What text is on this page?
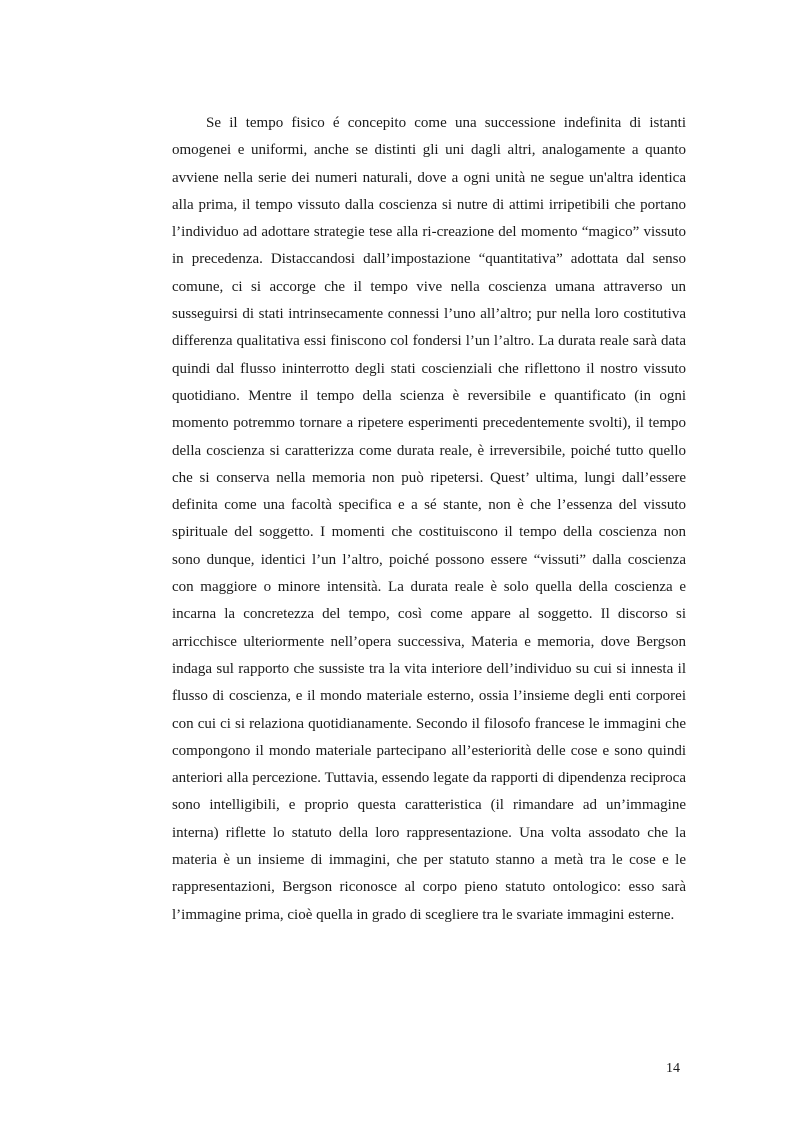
Se il tempo fisico é concepito come una successione indefinita di istanti omogenei e uniformi, anche se distinti gli uni dagli altri, analogamente a quanto avviene nella serie dei numeri naturali, dove a ogni unità ne segue un'altra identica alla prima, il tempo vissuto dalla coscienza si nutre di attimi irripetibili che portano l’individuo ad adottare strategie tese alla ri-creazione del momento “magico” vissuto in precedenza. Distaccandosi dall’impostazione “quantitativa” adottata dal senso comune, ci si accorge che il tempo vive nella coscienza umana attraverso un susseguirsi di stati intrinsecamente connessi l’uno all’altro; pur nella loro costitutiva differenza qualitativa essi finiscono col fondersi l’un l’altro. La durata reale sarà data quindi dal flusso ininterrotto degli stati coscienziali che riflettono il nostro vissuto quotidiano. Mentre il tempo della scienza è reversibile e quantificato (in ogni momento potremmo tornare a ripetere esperimenti precedentemente svolti), il tempo della coscienza si caratterizza come durata reale, è irreversibile, poiché tutto quello che si conserva nella memoria non può ripetersi. Quest’ ultima, lungi dall’essere definita come una facoltà specifica e a sé stante, non è che l’essenza del vissuto spirituale del soggetto. I momenti che costituiscono il tempo della coscienza non sono dunque, identici l’un l’altro, poiché possono essere “vissuti” dalla coscienza con maggiore o minore intensità. La durata reale è solo quella della coscienza e incarna la concretezza del tempo, così come appare al soggetto. Il discorso si arricchisce ulteriormente nell’opera successiva, Materia e memoria, dove Bergson indaga sul rapporto che sussiste tra la vita interiore dell’individuo su cui si innesta il flusso di coscienza, e il mondo materiale esterno, ossia l’insieme degli enti corporei con cui ci si relaziona quotidianamente. Secondo il filosofo francese le immagini che compongono il mondo materiale partecipano all’esteriorità delle cose e sono quindi anteriori alla percezione. Tuttavia, essendo legate da rapporti di dipendenza reciproca sono intelligibili, e proprio questa caratteristica (il rimandare ad un’immagine interna) riflette lo statuto della loro rappresentazione. Una volta assodato che la materia è un insieme di immagini, che per statuto stanno a metà tra le cose e le rappresentazioni, Bergson riconosce al corpo pieno statuto ontologico: esso sarà l’immagine prima, cioè quella in grado di scegliere tra le svariate immagini esterne.

14
